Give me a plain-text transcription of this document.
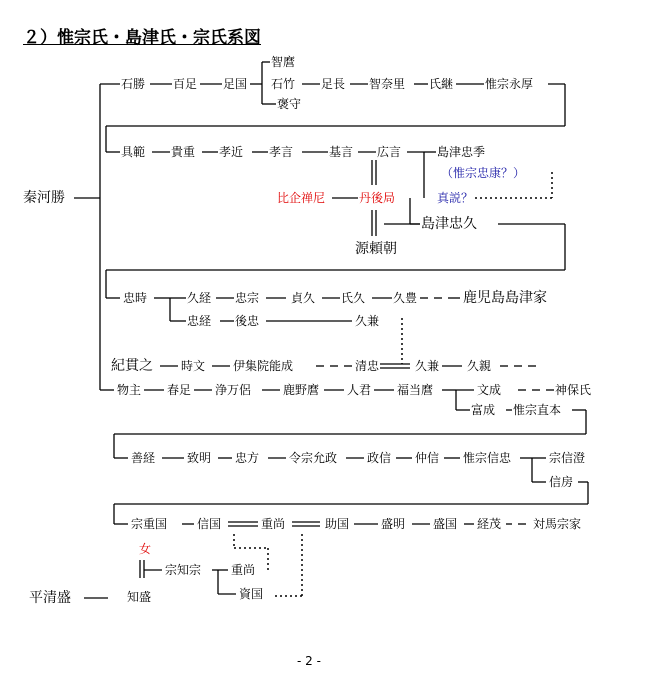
２）惟宗氏・島津氏・宗氏系図
秦河勝
石勝 百足 足国
智麿
石竹
褒守
足長 智奈里 氏継	惟宗永厚
具範 貴重 孝近 孝言	基言 広言	島津忠季
（惟宗忠康？）
比企禅尼	丹後局	真説？
島津忠久
源頼朝
忠時	久経 忠宗	貞久 氏久 久豊	鹿児島島津家
忠経 後忠	久兼
紀貫之 時文 伊集院能成	清忠	久兼 久親
物主 春足 浄万侶	鹿野麿 人君 福当麿	文成	神保氏
富成 惟宗直本
善経	致明 忠方 令宗允政 政信 仲信 惟宗信忠	宗信澄
信房
宗重国 信国	重尚	助国	盛明 盛国 経茂	対馬宗家
女
宗知宗 重尚
知盛	資国
平清盛
- 2 -
